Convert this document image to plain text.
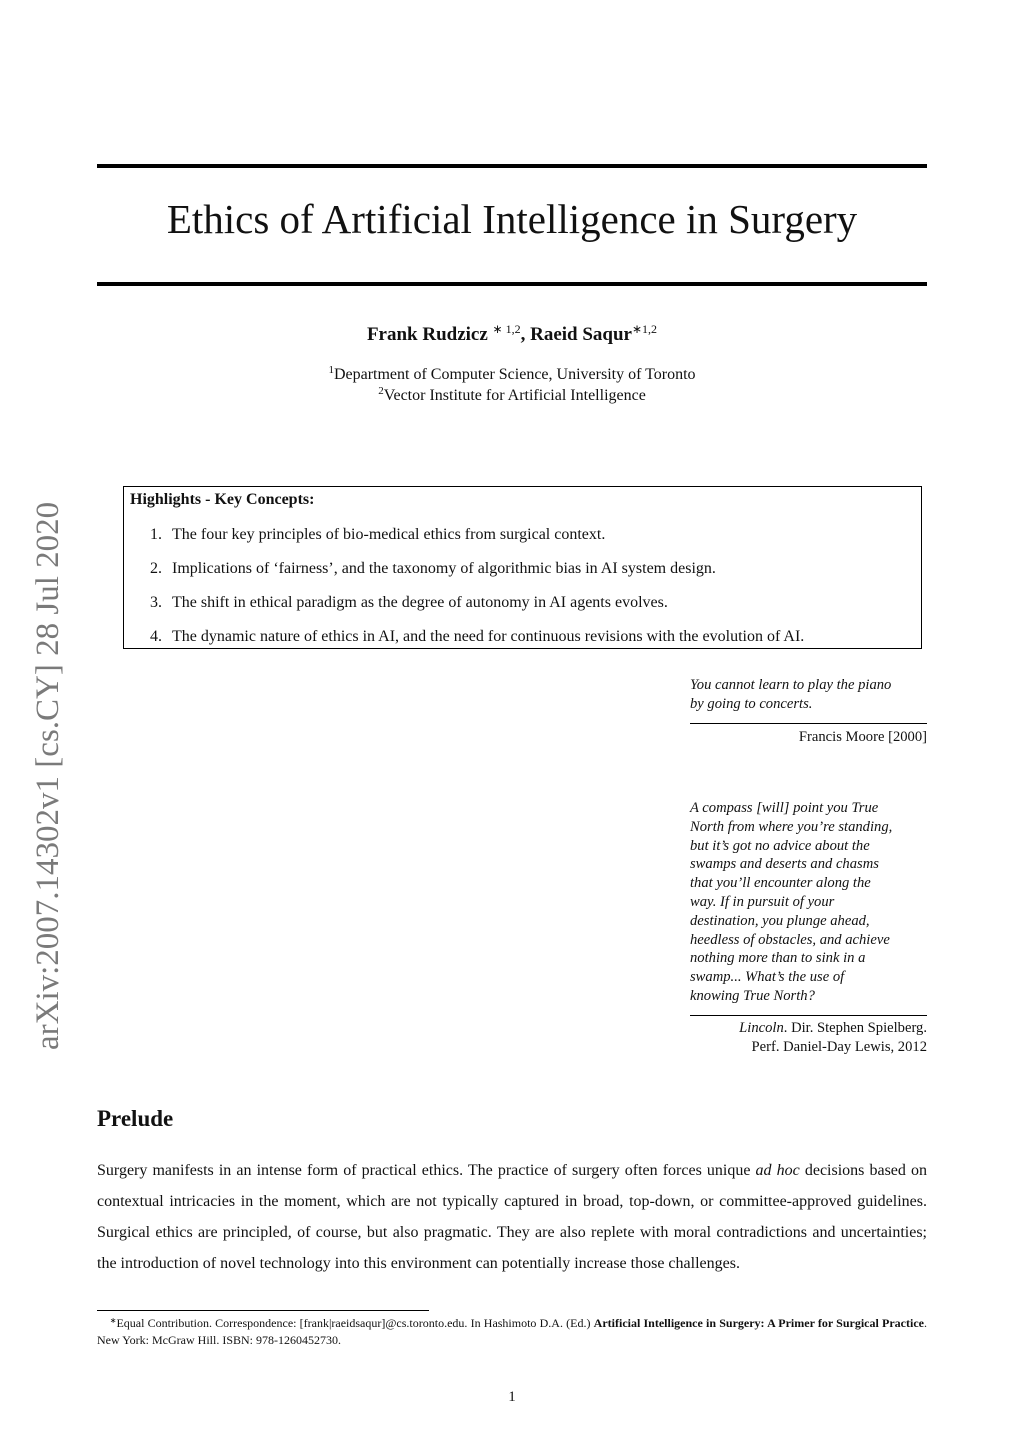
Ethics of Artificial Intelligence in Surgery
Frank Rudzicz $^{∗ 1,2}$, Raeid Saqur$^{∗1,2}$
$^1$Department of Computer Science, University of Toronto
$^2$Vector Institute for Artificial Intelligence
arXiv:2007.14302v1 [cs.CY] 28 Jul 2020
Highlights - Key Concepts:
1. The four key principles of bio-medical ethics from surgical context.
2. Implications of ‘fairness’, and the taxonomy of algorithmic bias in AI system design.
3. The shift in ethical paradigm as the degree of autonomy in AI agents evolves.
4. The dynamic nature of ethics in AI, and the need for continuous revisions with the evolution of AI.
You cannot learn to play the piano
by going to concerts.
Francis Moore [2000]
A compass [will] point you True
North from where you’re standing,
but it’s got no advice about the
swamps and deserts and chasms
that you’ll encounter along the
way. If in pursuit of your
destination, you plunge ahead,
heedless of obstacles, and achieve
nothing more than to sink in a
swamp... What’s the use of
knowing True North?
Lincoln. Dir. Stephen Spielberg.
Perf. Daniel-Day Lewis, 2012
Prelude
Surgery manifests in an intense form of practical ethics. The practice of surgery often forces unique ad hoc decisions based on contextual intricacies in the moment, which are not typically captured in broad, top-down, or committee-approved guidelines. Surgical ethics are principled, of course, but also pragmatic. They are also replete with moral contradictions and uncertainties; the introduction of novel technology into this environment can potentially increase those challenges.
∗Equal Contribution. Correspondence: [frank|raeidsaqur]@cs.toronto.edu. In Hashimoto D.A. (Ed.) Artificial Intelligence in Surgery: A Primer for Surgical Practice. New York: McGraw Hill. ISBN: 978-1260452730.
1
